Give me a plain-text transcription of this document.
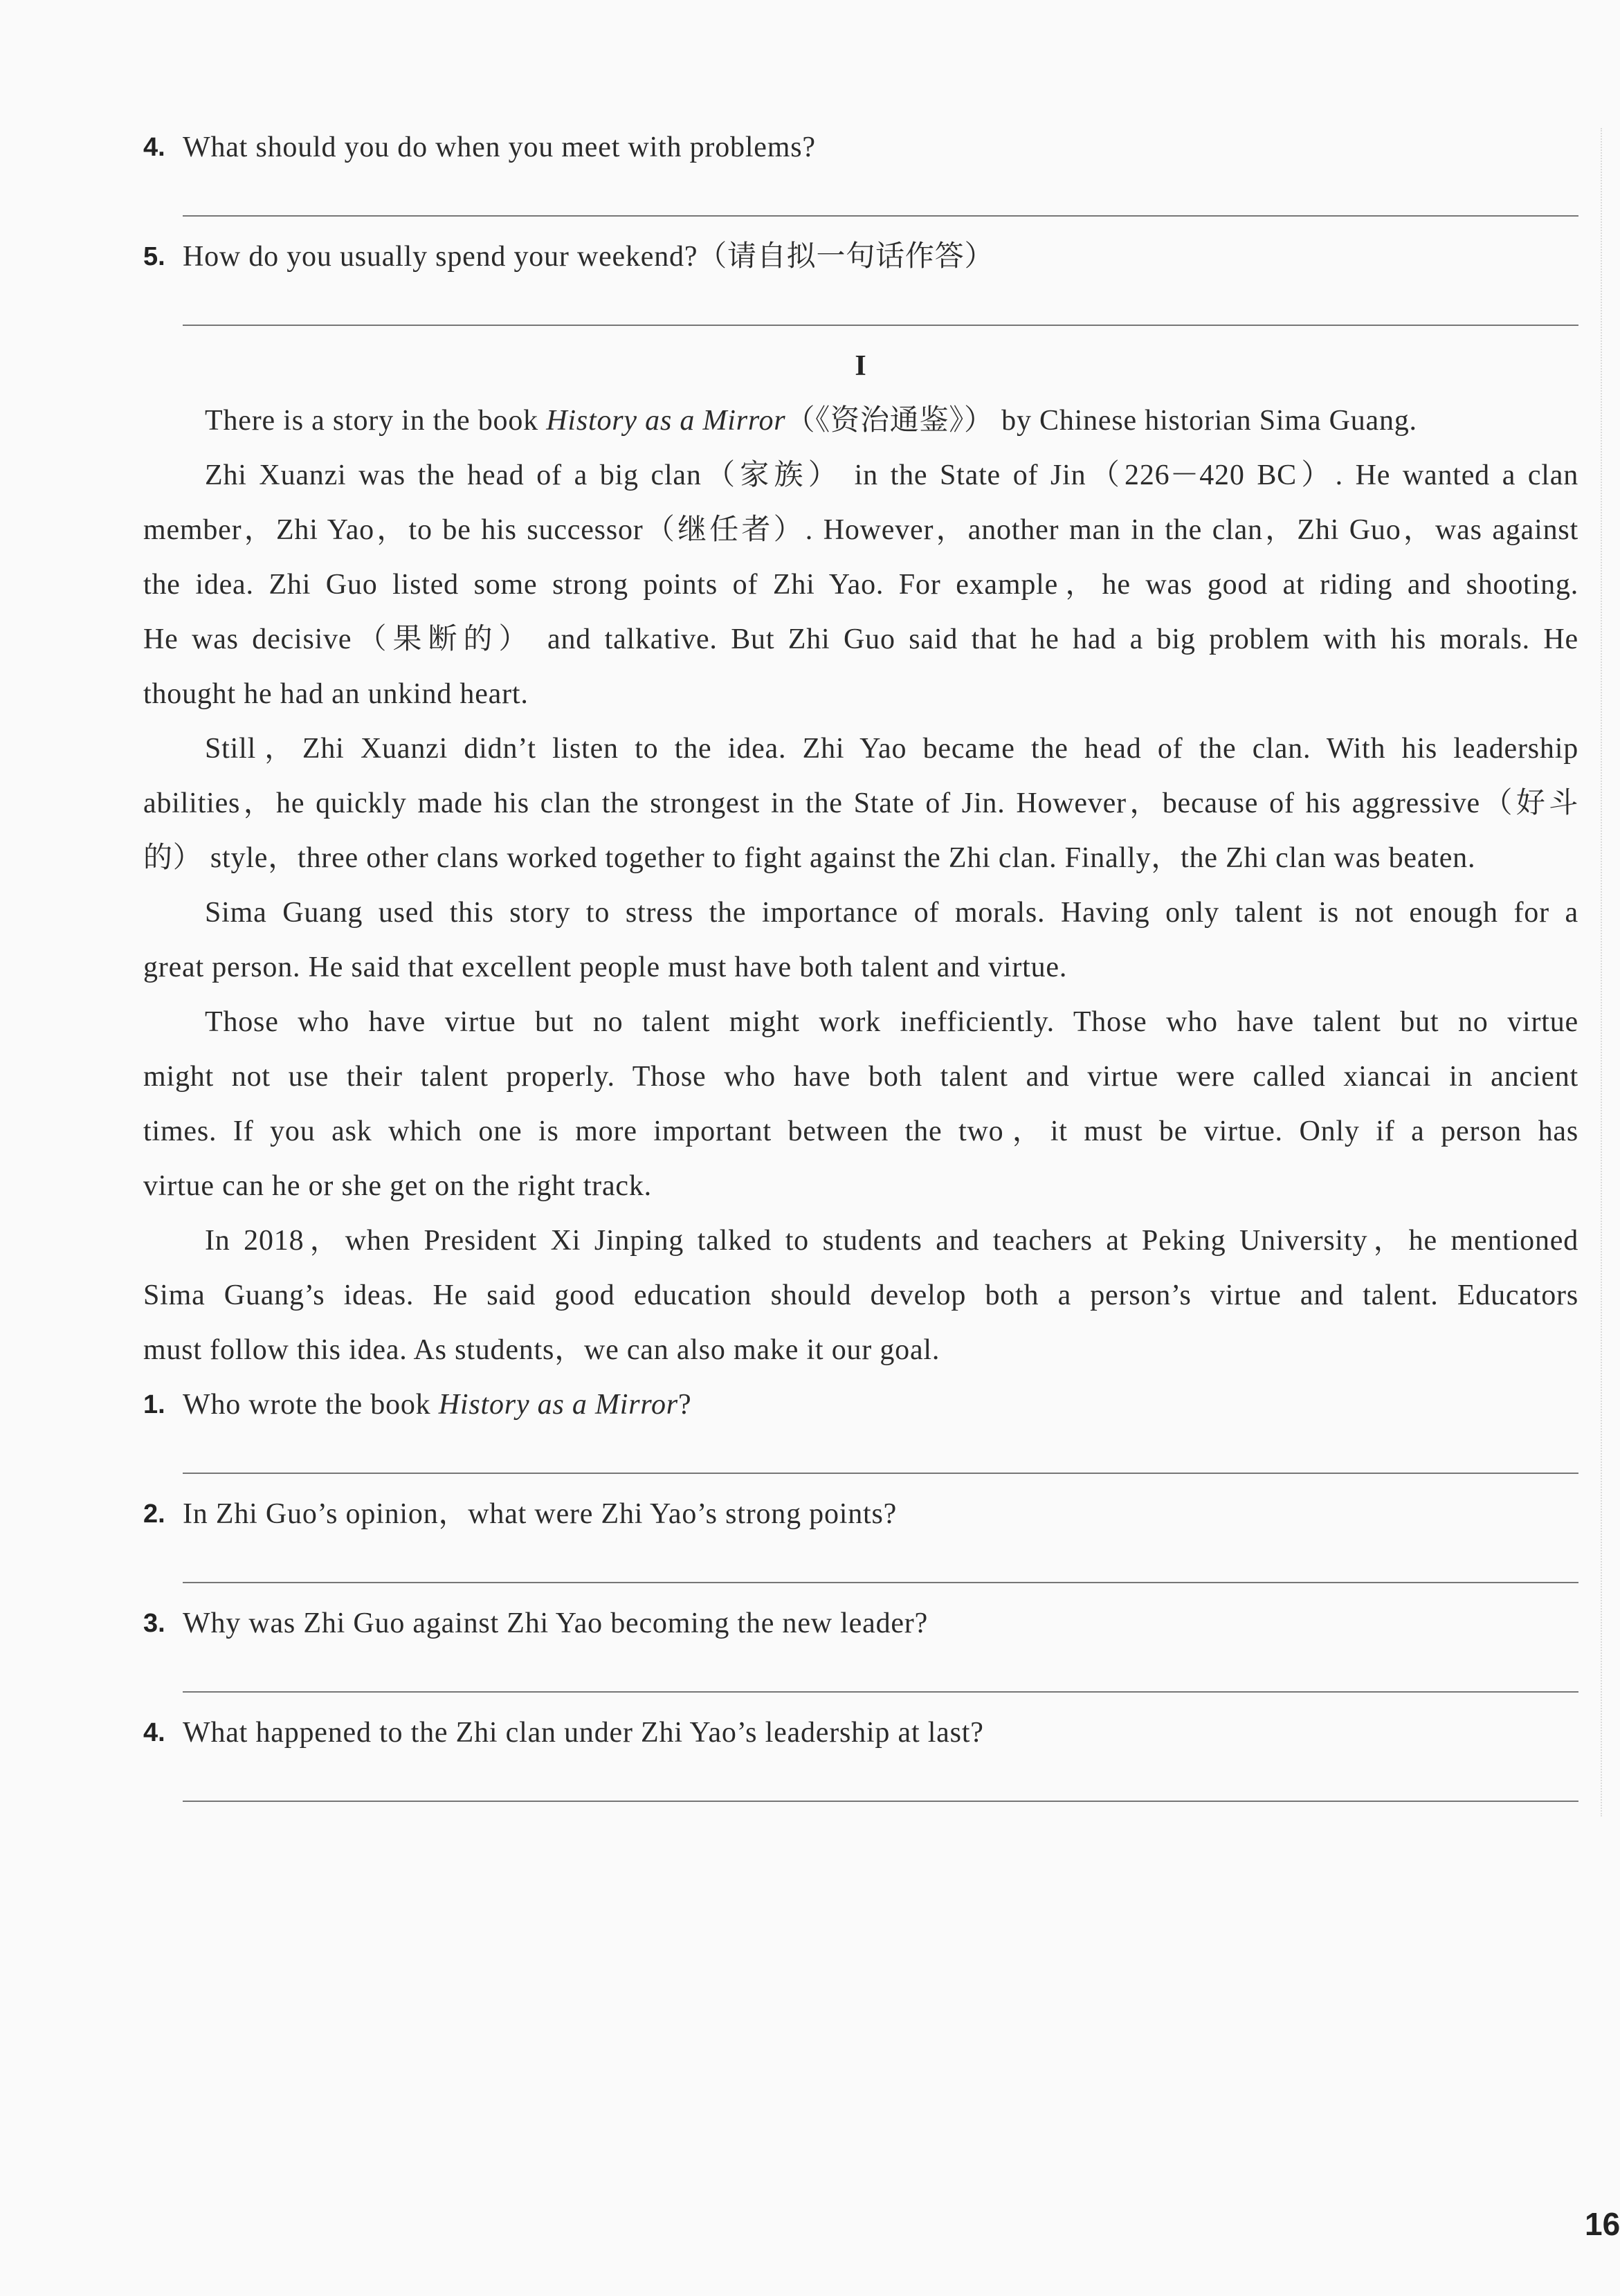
4. What should you do when you meet with problems?
5. How do you usually spend your weekend?（请自拟一句话作答）
I
There is a story in the book History as a Mirror（《资治通鉴》） by Chinese historian Sima Guang.
Zhi Xuanzi was the head of a big clan（家族） in the State of Jin（226－420 BC）. He wanted a clan
member，Zhi Yao，to be his successor（继任者）. However，another man in the clan，Zhi Guo，was against
the idea. Zhi Guo listed some strong points of Zhi Yao. For example，he was good at riding and shooting.
He was decisive（果断的） and talkative. But Zhi Guo said that he had a big problem with his morals. He
thought he had an unkind heart.
Still，Zhi Xuanzi didn’t listen to the idea. Zhi Yao became the head of the clan. With his leadership
abilities，he quickly made his clan the strongest in the State of Jin. However，because of his aggressive（好斗
的） style，three other clans worked together to fight against the Zhi clan. Finally，the Zhi clan was beaten.
Sima Guang used this story to stress the importance of morals. Having only talent is not enough for a
great person. He said that excellent people must have both talent and virtue.
Those who have virtue but no talent might work inefficiently. Those who have talent but no virtue
might not use their talent properly. Those who have both talent and virtue were called xiancai in ancient
times. If you ask which one is more important between the two，it must be virtue. Only if a person has
virtue can he or she get on the right track.
In 2018，when President Xi Jinping talked to students and teachers at Peking University，he mentioned
Sima Guang’s ideas. He said good education should develop both a person’s virtue and talent. Educators
must follow this idea. As students，we can also make it our goal.
1. Who wrote the book History as a Mirror?
2. In Zhi Guo’s opinion，what were Zhi Yao’s strong points?
3. Why was Zhi Guo against Zhi Yao becoming the new leader?
4. What happened to the Zhi clan under Zhi Yao’s leadership at last?
16
